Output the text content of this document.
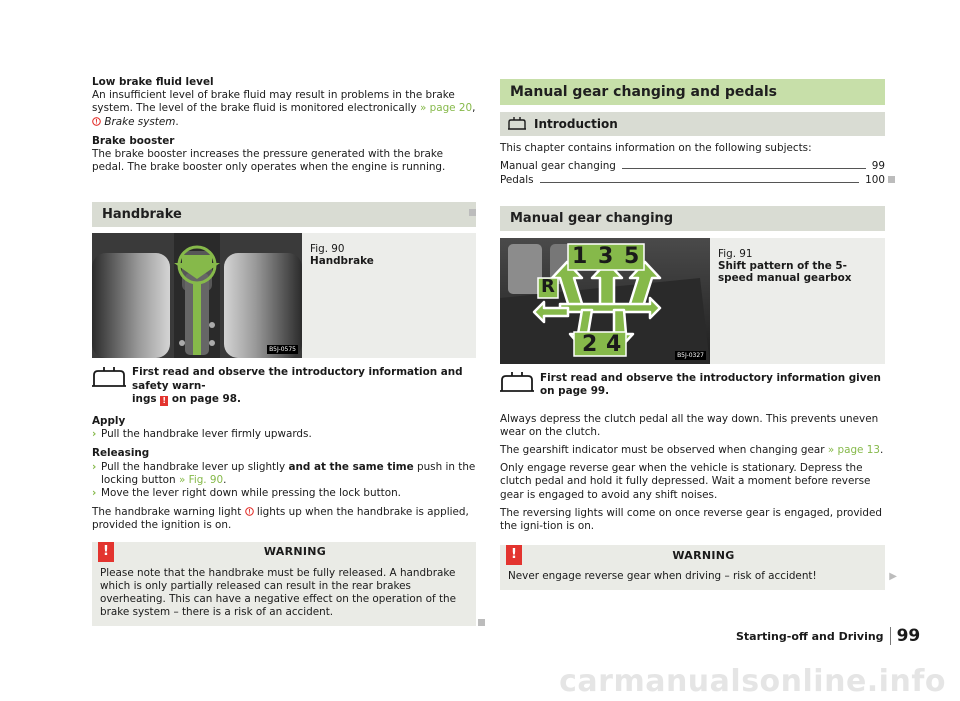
Low brake fluid level
An insufficient level of brake fluid may result in problems in the brake system. The level of the brake fluid is monitored electronically » page 20,
! Brake system.
Brake booster
The brake booster increases the pressure generated with the brake pedal. The brake booster only operates when the engine is running.
Handbrake
B5J-0575
Fig. 90
Handbrake
First read and observe the introductory information and safety warn-
ings ! on page 98.
Apply
› Pull the handbrake lever firmly upwards.
Releasing
› Pull the handbrake lever up slightly and at the same time push in the locking button » Fig. 90.
› Move the lever right down while pressing the lock button.
The handbrake warning light ! lights up when the handbrake is applied, provided the ignition is on.
!	WARNING
Please note that the handbrake must be fully released. A handbrake which is only partially released can result in the rear brakes overheating. This can have a negative effect on the operation of the brake system – there is a risk of an accident.
Manual gear changing and pedals
Introduction
This chapter contains information on the following subjects:
Manual gear changing	99
Pedals	100
Manual gear changing
1 3 5
R
2 4	B5J-0327
Fig. 91
Shift pattern of the 5-speed manual gearbox
First read and observe the introductory information given on page 99.
Always depress the clutch pedal all the way down. This prevents uneven wear on the clutch.
The gearshift indicator must be observed when changing gear » page 13.
Only engage reverse gear when the vehicle is stationary. Depress the clutch pedal and hold it fully depressed. Wait a moment before reverse gear is engaged to avoid any shift noises.
The reversing lights will come on once reverse gear is engaged, provided the igni-tion is on.
!	WARNING
Never engage reverse gear when driving – risk of accident!	▶
Starting-off and Driving 99
carmanualsonline.info
